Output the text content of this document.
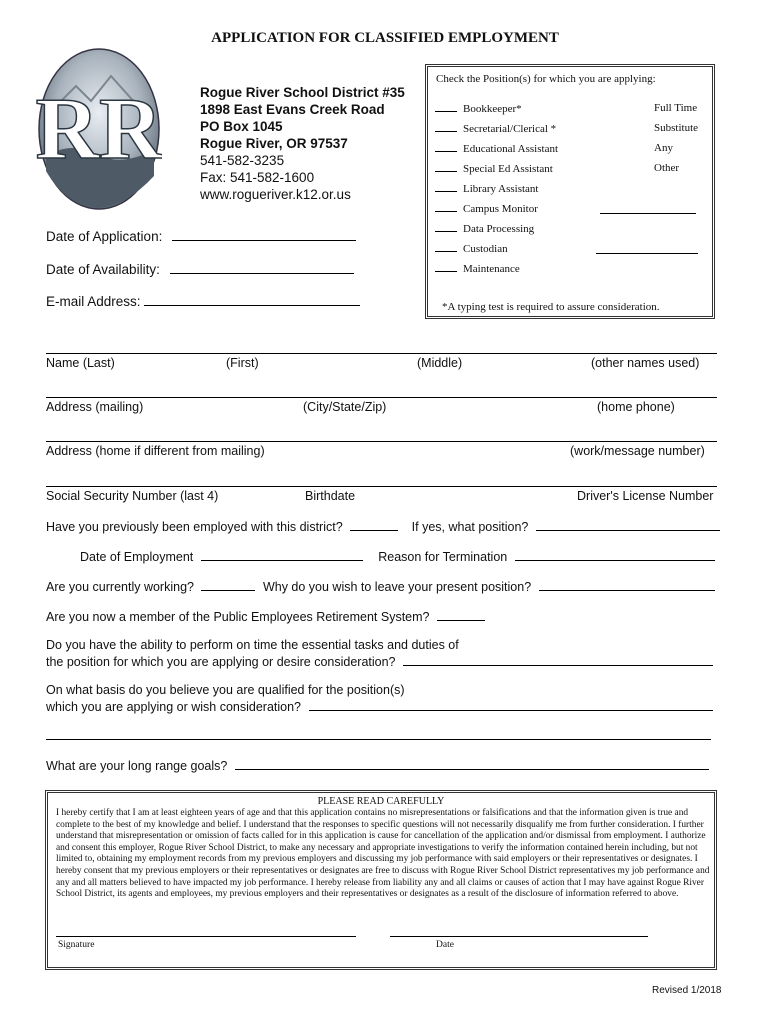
APPLICATION FOR CLASSIFIED EMPLOYMENT
RR	Rogue River School District #35
1898 East Evans Creek Road
PO Box 1045
Rogue River, OR 97537
541-582-3235
Fax: 541-582-1600
www.rogueriver.k12.or.us
Date of Application:
Date of Availability:
E-mail Address:
Check the Position(s) for which you are applying:
Bookkeeper*
Secretarial/Clerical *
Educational Assistant
Special Ed Assistant
Library Assistant
Campus Monitor
Data Processing
Custodian
Maintenance
Full Time
Substitute
Any
Other
*A typing test is required to assure consideration.
Name (Last)	(First)	(Middle)	(other names used)
Address (mailing)	(City/State/Zip)	(home phone)
Address (home if different from mailing)	(work/message number)
Social Security Number (last 4)	Birthdate	Driver's License Number
Have you previously been employed with this district?	If yes, what position?
Date of Employment	Reason for Termination
Are you currently working?	Why do you wish to leave your present position?
Are you now a member of the Public Employees Retirement System?
Do you have the ability to perform on time the essential tasks and duties of
the position for which you are applying or desire consideration?
On what basis do you believe you are qualified for the position(s)
which you are applying or wish consideration?
What are your long range goals?
PLEASE READ CAREFULLY
I hereby certify that I am at least eighteen years of age and that this application contains no misrepresentations or falsifications and that the information given is true and complete to the best of my knowledge and belief. I understand that the responses to specific questions will not necessarily disqualify me from further consideration. I further understand that misrepresentation or omission of facts called for in this application is cause for cancellation of the application and/or dismissal from employment. I authorize and consent this employer, Rogue River School District, to make any necessary and appropriate investigations to verify the information contained herein including, but not limited to, obtaining my employment records from my previous employers and discussing my job performance with said employers or their representatives or designates. I hereby consent that my previous employers or their representatives or designates are free to discuss with Rogue River School District representatives my job performance and any and all matters believed to have impacted my job performance. I hereby release from liability any and all claims or causes of action that I may have against Rogue River School District, its agents and employees, my previous employers and their representatives or designates as a result of the disclosure of information referred to above.
Signature	Date
Revised 1/2018
